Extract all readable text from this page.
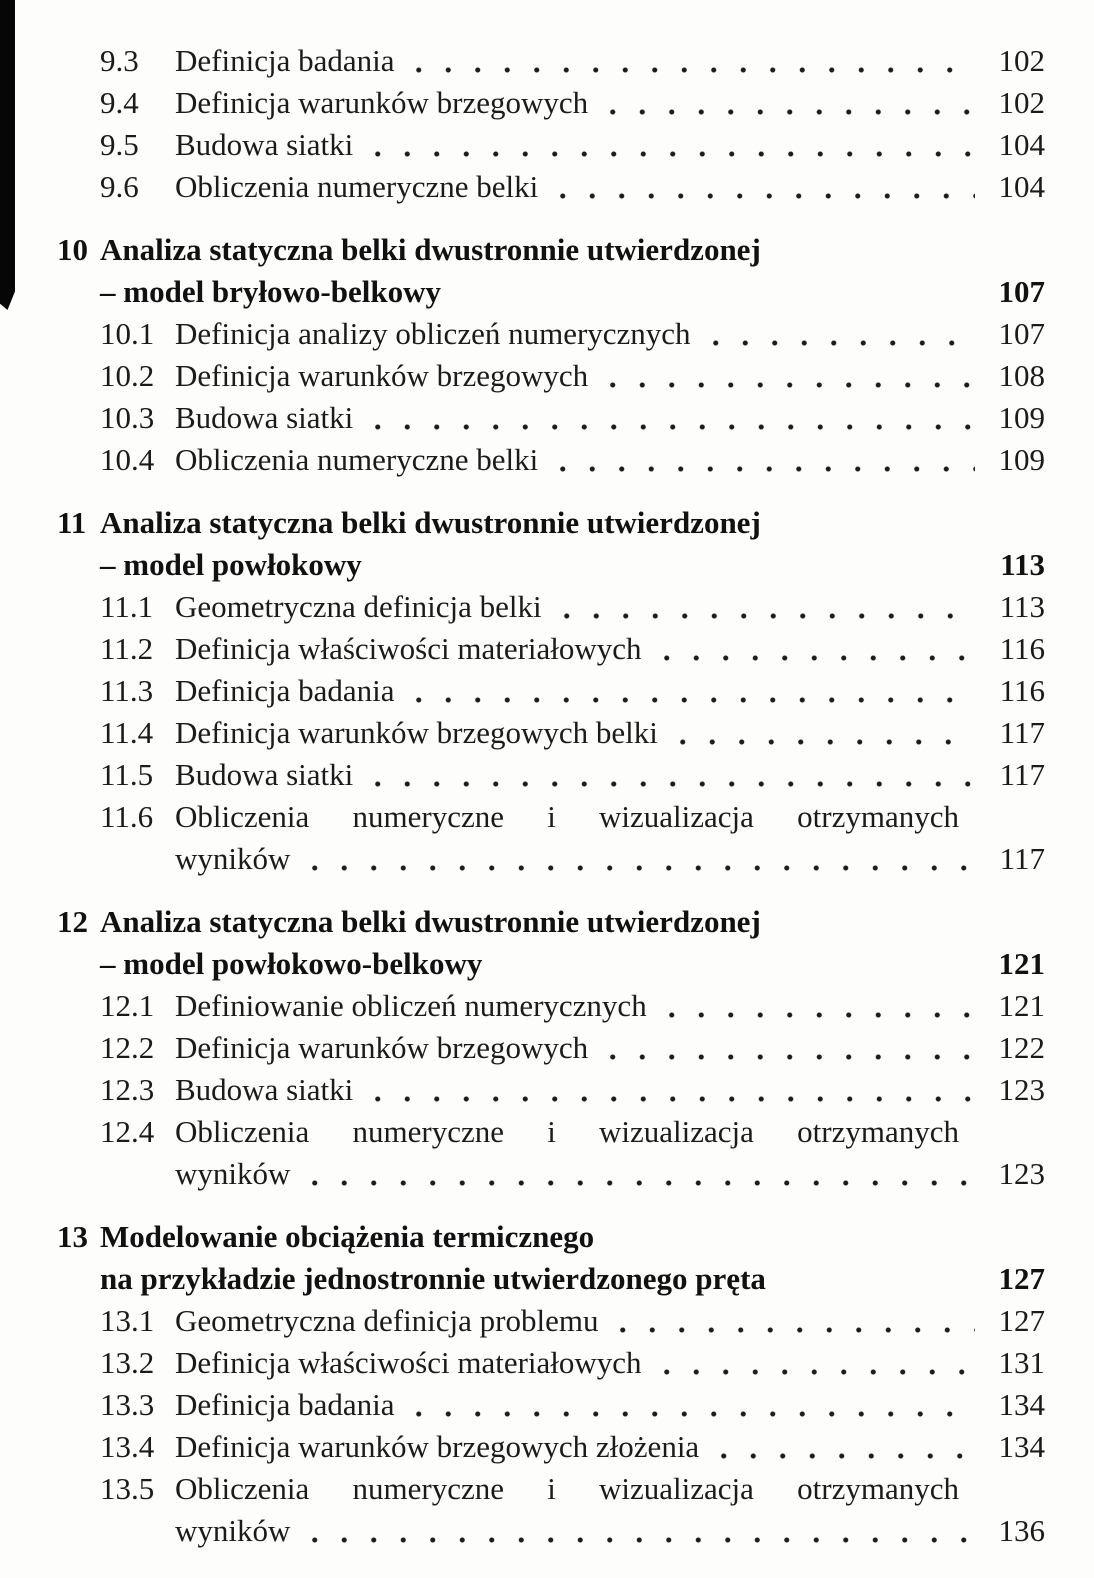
9.3	Definicja badania	102
9.4	Definicja warunków brzegowych	102
9.5	Budowa siatki	104
9.6	Obliczenia numeryczne belki	104
10 Analiza statyczna belki dwustronnie utwierdzonej
– model bryłowo-belkowy	107
10.1 Definicja analizy obliczeń numerycznych	107
10.2 Definicja warunków brzegowych	108
10.3 Budowa siatki	109
10.4 Obliczenia numeryczne belki	109
11 Analiza statyczna belki dwustronnie utwierdzonej
– model powłokowy	113
11.1 Geometryczna definicja belki	113
11.2 Definicja właściwości materiałowych	116
11.3 Definicja badania	116
11.4 Definicja warunków brzegowych belki	117
11.5 Budowa siatki	117
11.6 Obliczenia numeryczne i wizualizacja otrzymanych
wyników	117
12 Analiza statyczna belki dwustronnie utwierdzonej
– model powłokowo-belkowy	121
12.1 Definiowanie obliczeń numerycznych	121
12.2 Definicja warunków brzegowych	122
12.3 Budowa siatki	123
12.4 Obliczenia numeryczne i wizualizacja otrzymanych
wyników	123
13 Modelowanie obciążenia termicznego
na przykładzie jednostronnie utwierdzonego pręta	127
13.1 Geometryczna definicja problemu	127
13.2 Definicja właściwości materiałowych	131
13.3 Definicja badania	134
13.4 Definicja warunków brzegowych złożenia	134
13.5 Obliczenia numeryczne i wizualizacja otrzymanych
wyników	136
